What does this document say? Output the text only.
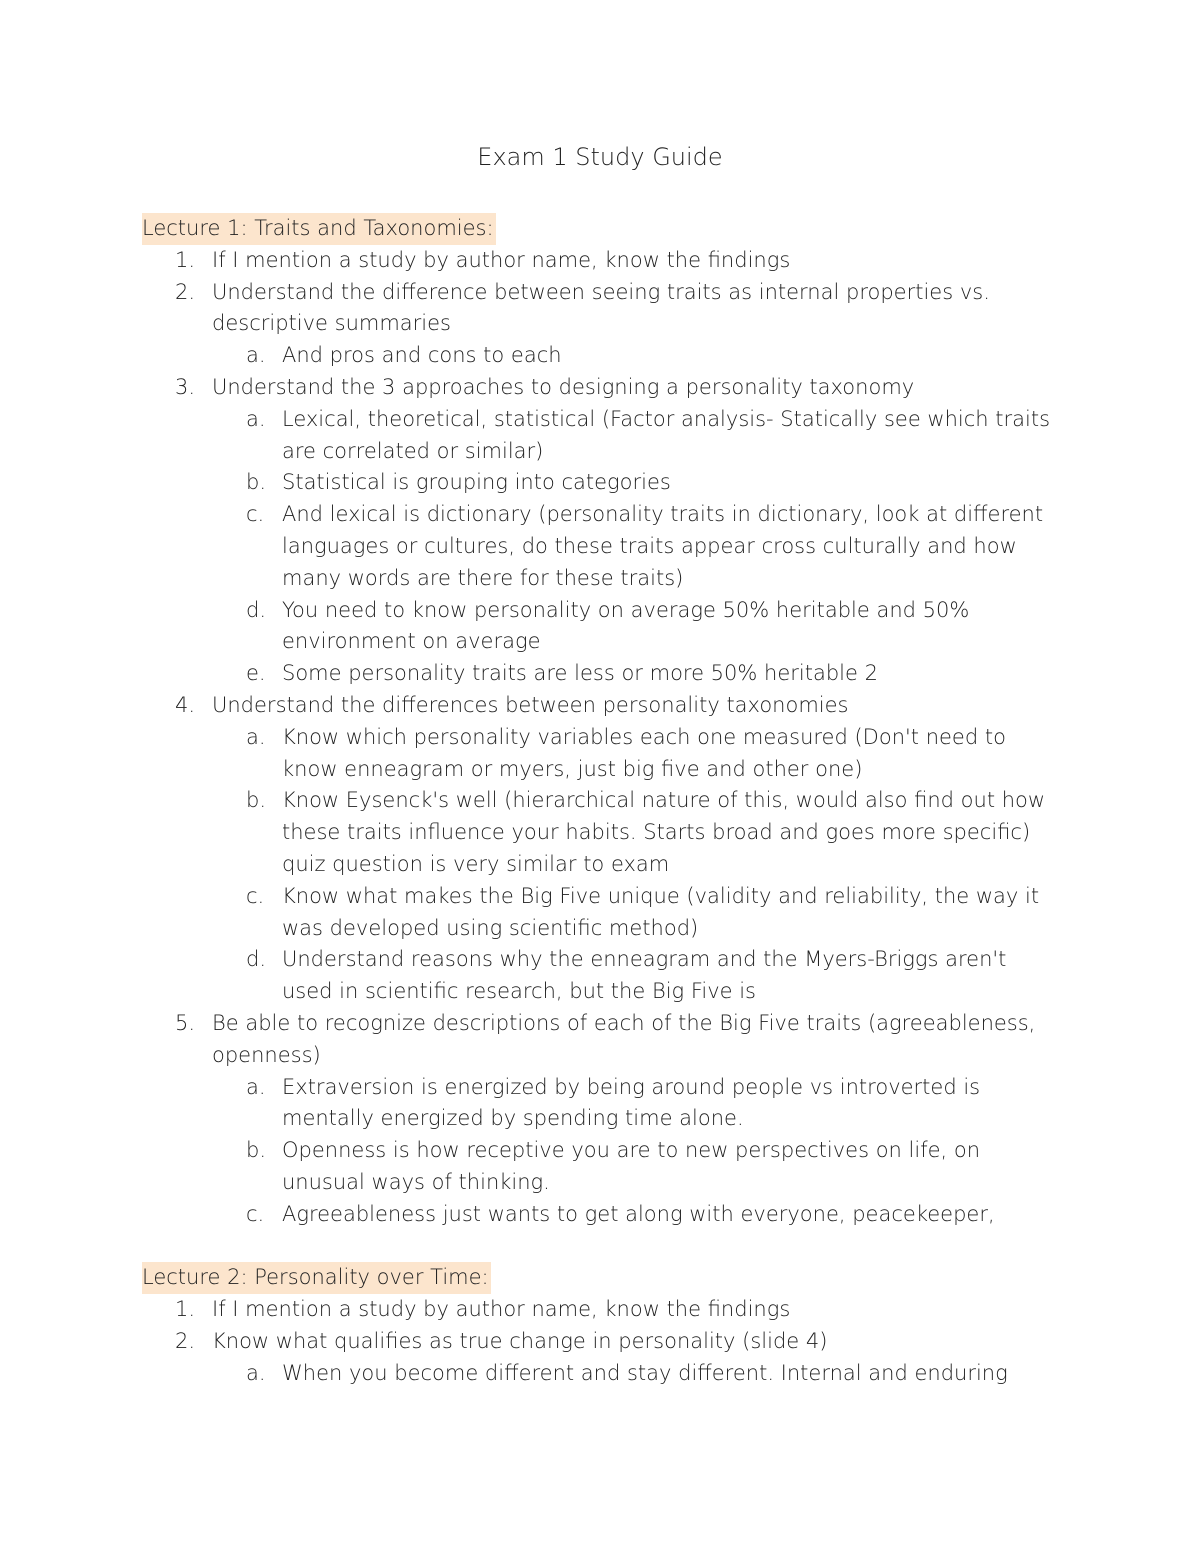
Exam 1 Study Guide
Lecture 1: Traits and Taxonomies:
1. If I mention a study by author name, know the findings
2. Understand the difference between seeing traits as internal properties vs. descriptive summaries
a. And pros and cons to each
3. Understand the 3 approaches to designing a personality taxonomy
a. Lexical, theoretical, statistical (Factor analysis- Statically see which traits are correlated or similar)
b. Statistical is grouping into categories
c. And lexical is dictionary (personality traits in dictionary, look at different languages or cultures, do these traits appear cross culturally and how many words are there for these traits)
d. You need to know personality on average 50% heritable and 50% environment on average
e. Some personality traits are less or more 50% heritable 2
4. Understand the differences between personality taxonomies
a. Know which personality variables each one measured (Don't need to know enneagram or myers, just big five and other one)
b. Know Eysenck's well (hierarchical nature of this, would also find out how these traits influence your habits. Starts broad and goes more specific) quiz question is very similar to exam
c. Know what makes the Big Five unique (validity and reliability, the way it was developed using scientific method)
d. Understand reasons why the enneagram and the Myers-Briggs aren't used in scientific research, but the Big Five is
5. Be able to recognize descriptions of each of the Big Five traits (agreeableness, openness)
a. Extraversion is energized by being around people vs introverted is mentally energized by spending time alone.
b. Openness is how receptive you are to new perspectives on life, on unusual ways of thinking.
c. Agreeableness just wants to get along with everyone, peacekeeper,
Lecture 2: Personality over Time:
1. If I mention a study by author name, know the findings
2. Know what qualifies as true change in personality (slide 4)
a. When you become different and stay different. Internal and enduring
